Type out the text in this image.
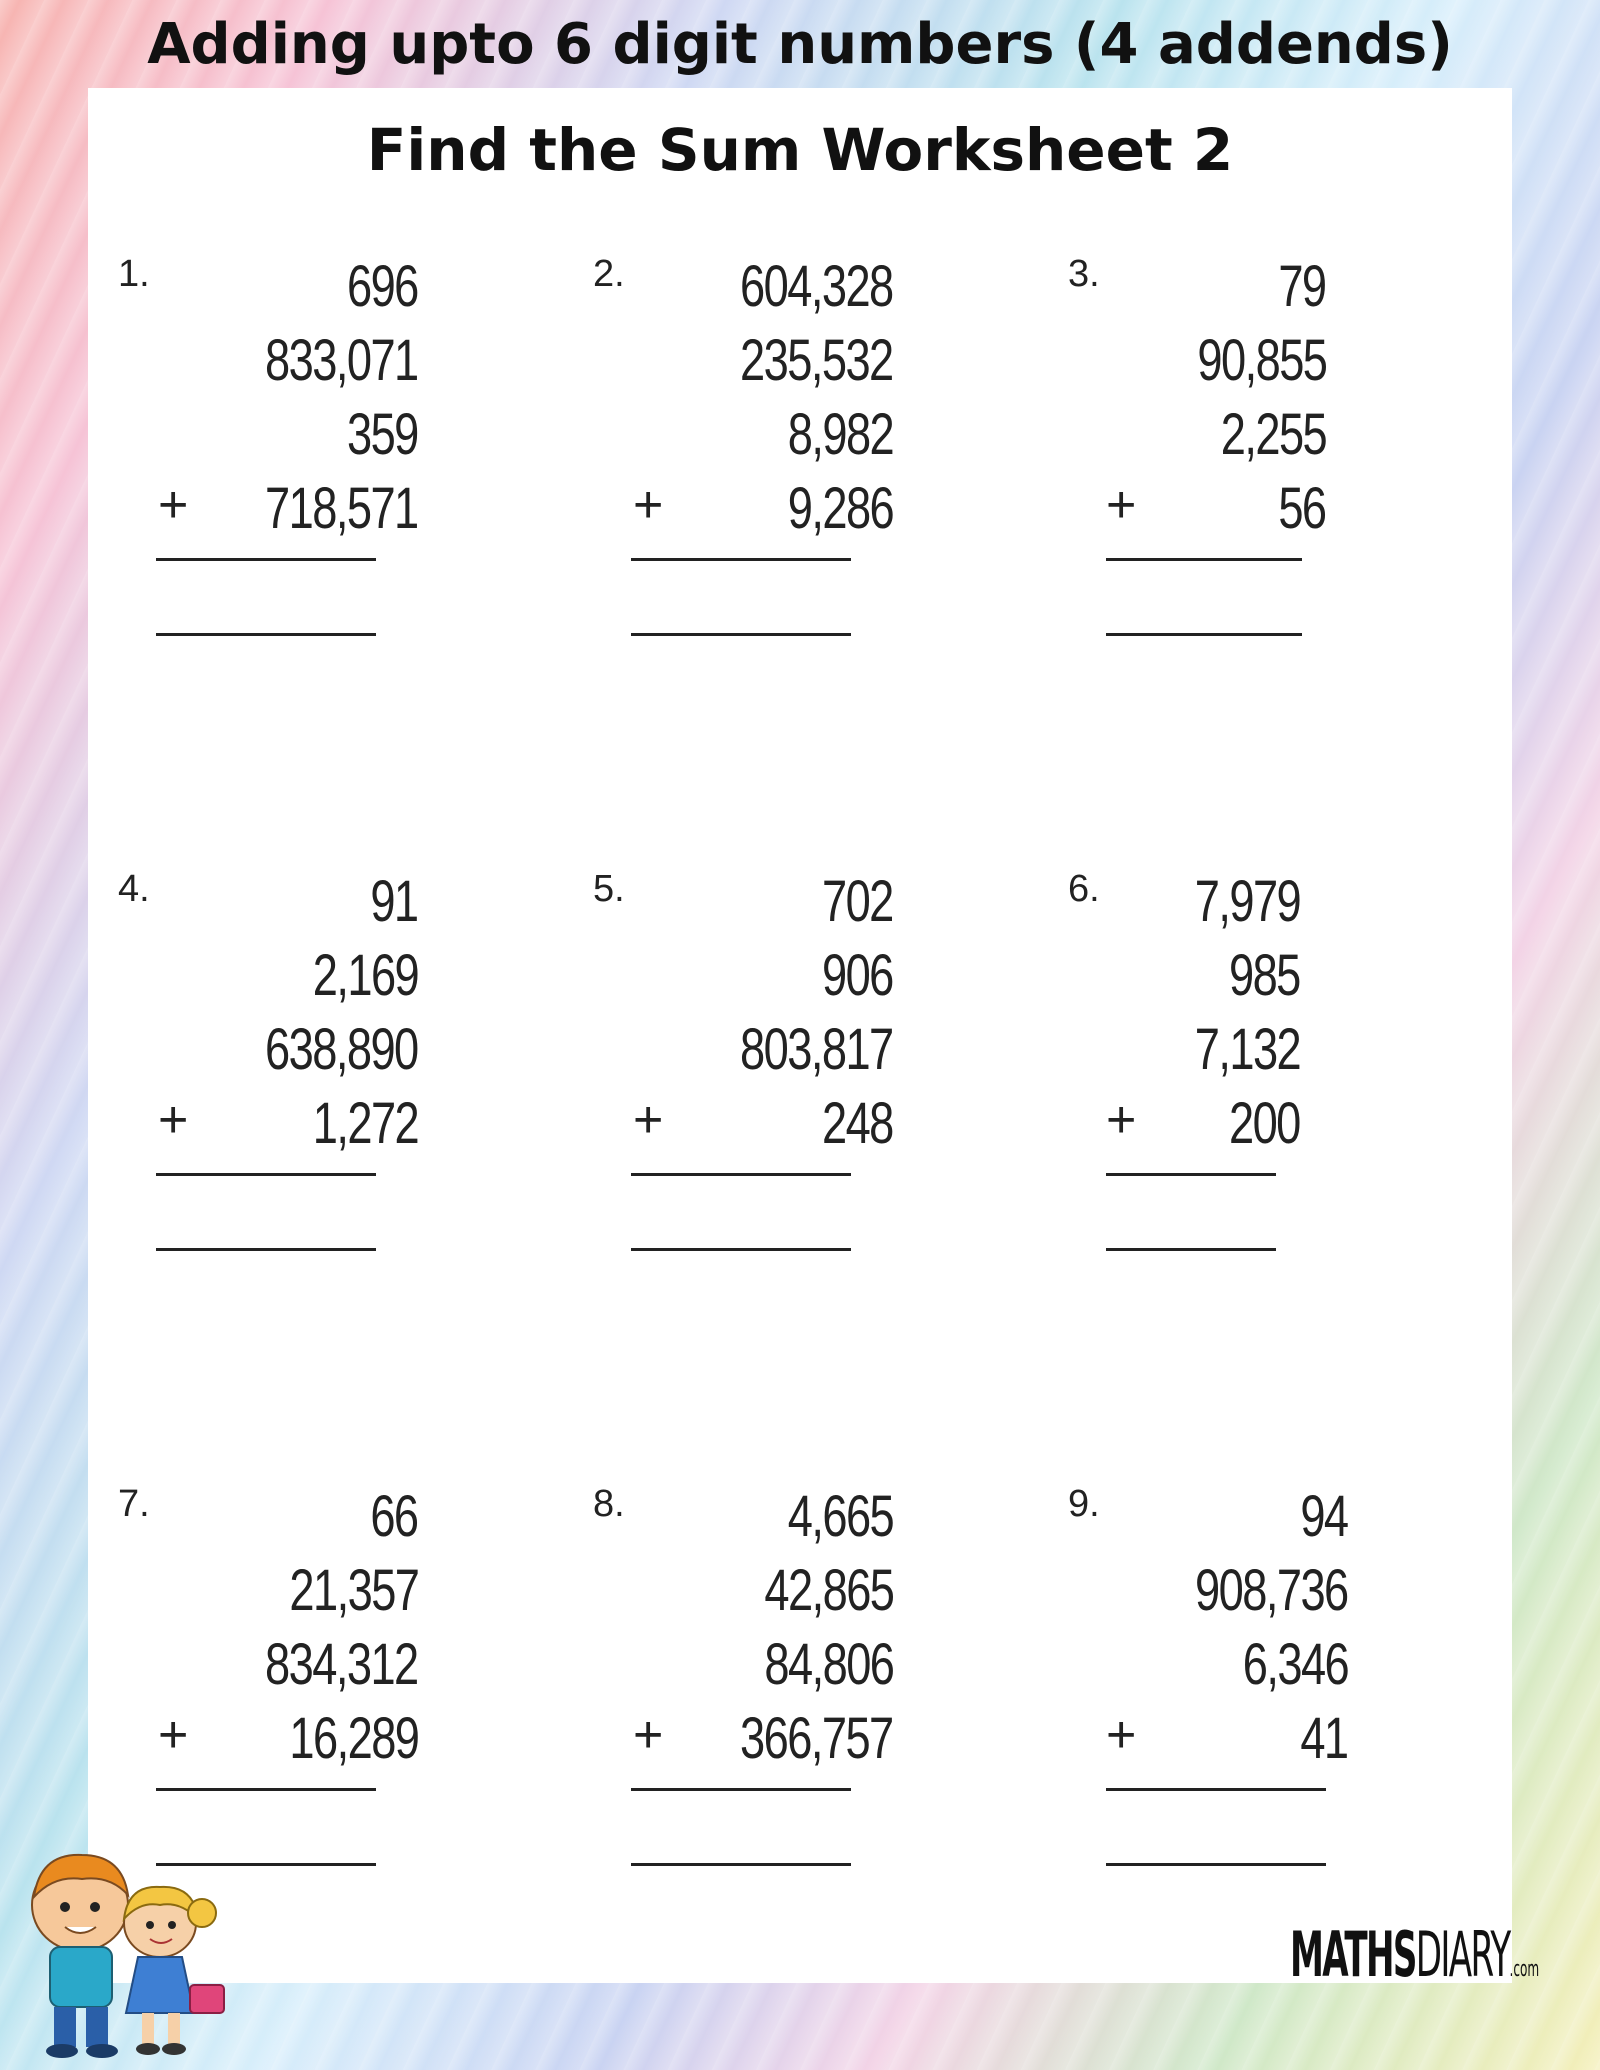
Adding upto 6 digit numbers (4 addends)
Find the Sum Worksheet 2
1.	696
833,071
359
+ 718,571
2. 604,328
235,532
8,982
+ 9,286
3.	79
90,855
2,255
+ 56
4.	91
2,169
638,890
+ 1,272
5.	702
906
803,817
+	248
6. 7,979
985
7,132
+ 200
7.	66
21,357
834,312
+ 16,289
8.	4,665
42,865
84,806
+ 366,757
9.	94
908,736
6,346
+	41
MATHSDIARY.com
